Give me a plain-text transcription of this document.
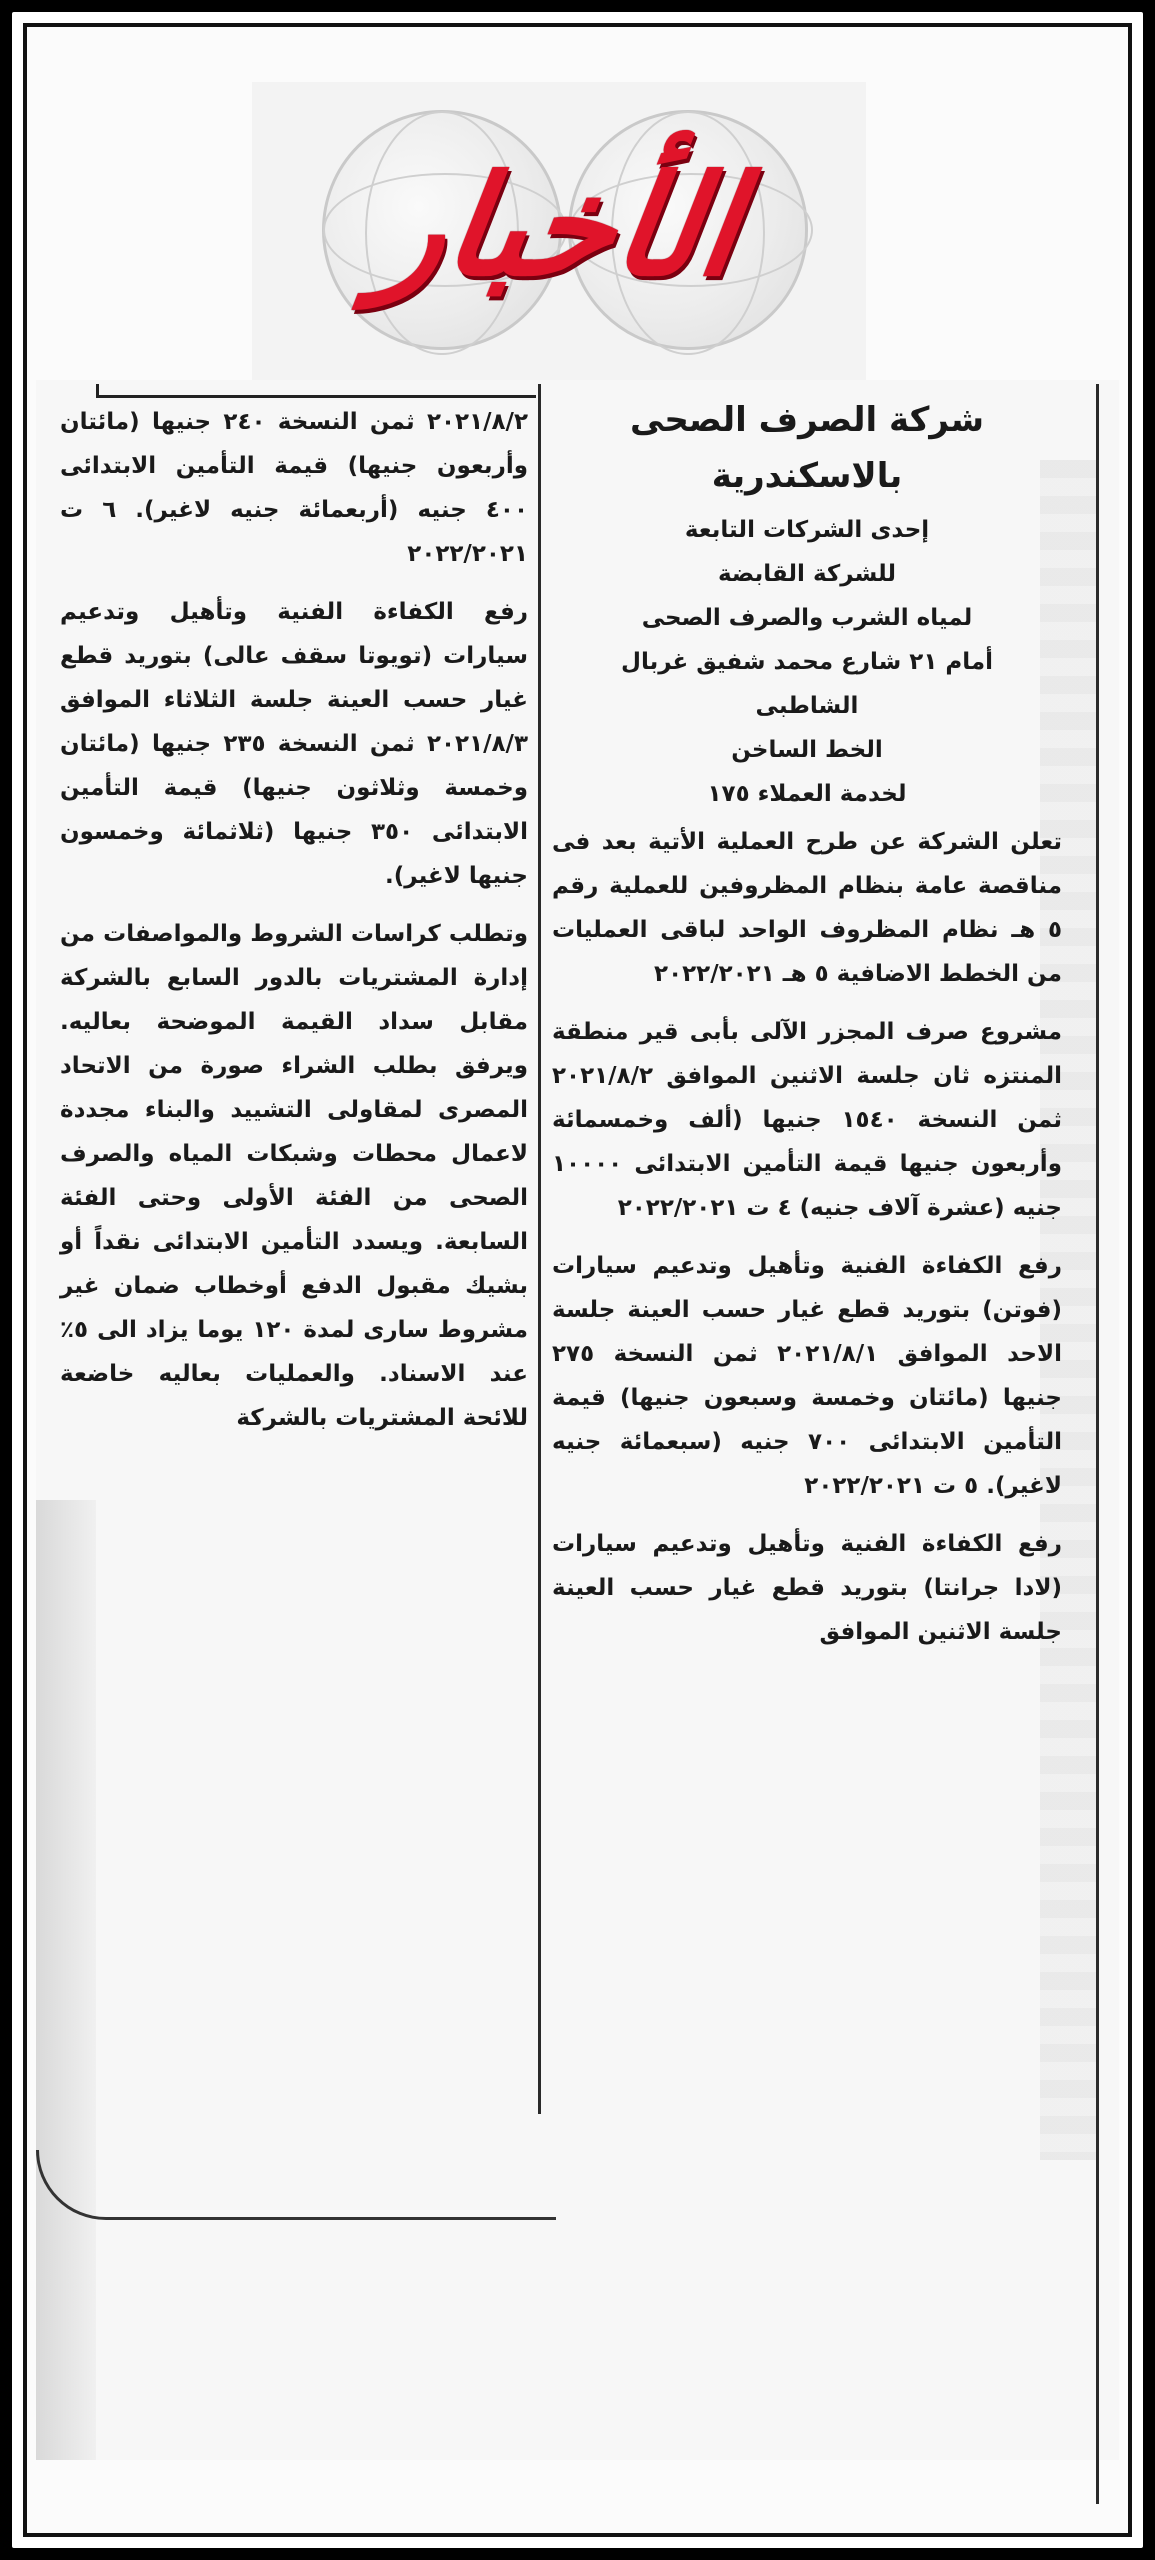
الأخبار

شركة الصرف الصحى

بالاسكندرية

إحدى الشركات التابعة

للشركة القابضة

لمياه الشرب والصرف الصحى

أمام ٢١ شارع محمد شفيق غربال

الشاطبى

الخط الساخن

لخدمة العملاء ١٧٥

تعلن الشركة عن طرح العملية الأتية بعد فى مناقصة عامة بنظام المظروفين للعملية رقم ٥ هـ نظام المظروف الواحد لباقى العمليات من الخطط الاضافية ٥ هـ ٢٠٢٢/٢٠٢١

مشروع صرف المجزر الآلى بأبى قير منطقة المنتزه ثان جلسة الاثنين الموافق ٢٠٢١/٨/٢ ثمن النسخة ١٥٤٠ جنيها (ألف وخمسمائة وأربعون جنيها قيمة التأمين الابتدائى ١٠٠٠٠ جنيه (عشرة آلاف جنيه) ٤ ت ٢٠٢٢/٢٠٢١

رفع الكفاءة الفنية وتأهيل وتدعيم سيارات (فوتن) بتوريد قطع غيار حسب العينة جلسة الاحد الموافق ٢٠٢١/٨/١ ثمن النسخة ٢٧٥ جنيها (مائتان وخمسة وسبعون جنيها) قيمة التأمين الابتدائى ٧٠٠ جنيه (سبعمائة جنيه لاغير). ٥ ت ٢٠٢٢/٢٠٢١

رفع الكفاءة الفنية وتأهيل وتدعيم سيارات (لادا جرانتا) بتوريد قطع غيار حسب العينة جلسة الاثنين الموافق

٢٠٢١/٨/٢ ثمن النسخة ٢٤٠ جنيها (مائتان وأربعون جنيها) قيمة التأمين الابتدائى ٤٠٠ جنيه (أربعمائة جنيه لاغير). ٦ ت ٢٠٢٢/٢٠٢١

رفع الكفاءة الفنية وتأهيل وتدعيم سيارات (تويوتا سقف عالى) بتوريد قطع غيار حسب العينة جلسة الثلاثاء الموافق ٢٠٢١/٨/٣ ثمن النسخة ٢٣٥ جنيها (مائتان وخمسة وثلاثون جنيها) قيمة التأمين الابتدائى ٣٥٠ جنيها (ثلاثمائة وخمسون جنيها لاغير).

وتطلب كراسات الشروط والمواصفات من إدارة المشتريات بالدور السابع بالشركة مقابل سداد القيمة الموضحة بعاليه. ويرفق بطلب الشراء صورة من الاتحاد المصرى لمقاولى التشييد والبناء مجددة لاعمال محطات وشبكات المياه والصرف الصحى من الفئة الأولى وحتى الفئة السابعة. ويسدد التأمين الابتدائى نقداً أو بشيك مقبول الدفع أوخطاب ضمان غير مشروط سارى لمدة ١٢٠ يوما يزاد الى ٥٪ عند الاسناد. والعمليات بعاليه خاضعة للائحة المشتريات بالشركة
